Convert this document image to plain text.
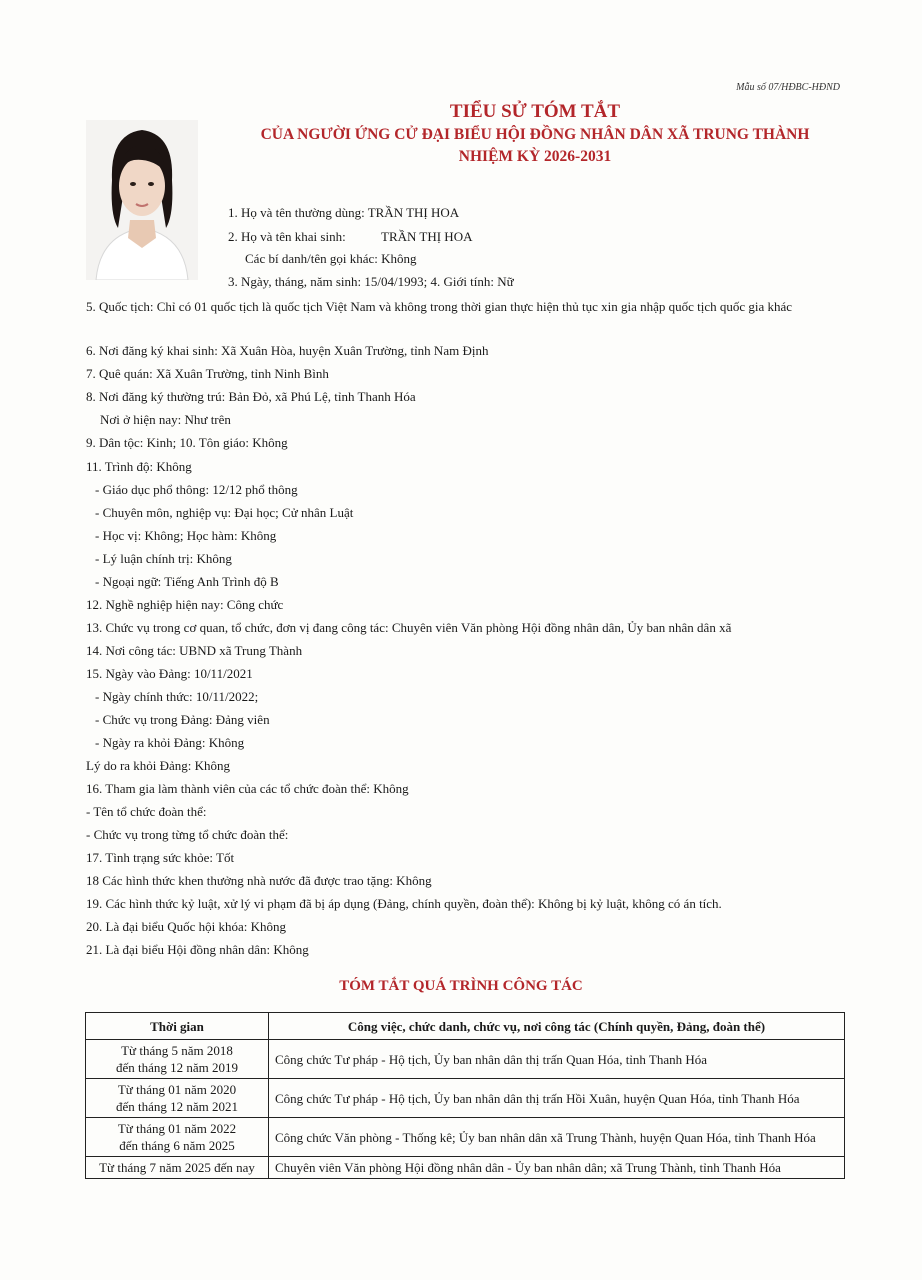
Mẫu số 07/HĐBC-HĐND
TIỂU SỬ TÓM TẮT
CỦA NGƯỜI ỨNG CỬ ĐẠI BIỂU HỘI ĐỒNG NHÂN DÂN XÃ TRUNG THÀNH
NHIỆM KỲ 2026-2031
1. Họ và tên thường dùng: TRẦN THỊ HOA
2. Họ và tên khai sinh:	TRẦN THỊ HOA
Các bí danh/tên gọi khác: Không
3. Ngày, tháng, năm sinh: 15/04/1993; 4. Giới tính: Nữ
5. Quốc tịch: Chỉ có 01 quốc tịch là quốc tịch Việt Nam và không trong thời gian thực hiện thủ tục xin gia nhập quốc tịch quốc gia khác
6. Nơi đăng ký khai sinh: Xã Xuân Hòa, huyện Xuân Trường, tỉnh Nam Định
7. Quê quán: Xã Xuân Trường, tỉnh Ninh Bình
8. Nơi đăng ký thường trú: Bản Đỏ, xã Phú Lệ, tỉnh Thanh Hóa
Nơi ở hiện nay: Như trên
9. Dân tộc: Kinh; 10. Tôn giáo: Không
11. Trình độ: Không
- Giáo dục phổ thông: 12/12 phổ thông
- Chuyên môn, nghiệp vụ: Đại học; Cử nhân Luật
- Học vị: Không; Học hàm: Không
- Lý luận chính trị: Không
- Ngoại ngữ: Tiếng Anh Trình độ B
12. Nghề nghiệp hiện nay: Công chức
13. Chức vụ trong cơ quan, tổ chức, đơn vị đang công tác: Chuyên viên Văn phòng Hội đồng nhân dân, Ủy ban nhân dân xã
14. Nơi công tác: UBND xã Trung Thành
15. Ngày vào Đảng: 10/11/2021
- Ngày chính thức: 10/11/2022;
- Chức vụ trong Đảng: Đảng viên
- Ngày ra khỏi Đảng: Không
Lý do ra khỏi Đảng: Không
16. Tham gia làm thành viên của các tổ chức đoàn thể: Không
- Tên tổ chức đoàn thể:
- Chức vụ trong từng tổ chức đoàn thể:
17. Tình trạng sức khỏe: Tốt
18 Các hình thức khen thưởng nhà nước đã được trao tặng: Không
19. Các hình thức kỷ luật, xử lý vi phạm đã bị áp dụng (Đảng, chính quyền, đoàn thể): Không bị kỷ luật, không có án tích.
20. Là đại biểu Quốc hội khóa: Không
21. Là đại biểu Hội đồng nhân dân: Không
TÓM TẮT QUÁ TRÌNH CÔNG TÁC
Thời gian	Công việc, chức danh, chức vụ, nơi công tác (Chính quyền, Đảng, đoàn thể)

Từ tháng 5 năm 2018
đến tháng 12 năm 2019	Công chức Tư pháp - Hộ tịch, Ủy ban nhân dân thị trấn Quan Hóa, tỉnh Thanh Hóa

Từ tháng 01 năm 2020
đến tháng 12 năm 2021	Công chức Tư pháp - Hộ tịch, Ủy ban nhân dân thị trấn Hồi Xuân, huyện Quan Hóa, tỉnh Thanh Hóa

Từ tháng 01 năm 2022
đến tháng 6 năm 2025	Công chức Văn phòng - Thống kê; Ủy ban nhân dân xã Trung Thành, huyện Quan Hóa, tỉnh Thanh Hóa

Từ tháng 7 năm 2025 đến nay	Chuyên viên Văn phòng Hội đồng nhân dân - Ủy ban nhân dân; xã Trung Thành, tỉnh Thanh Hóa
